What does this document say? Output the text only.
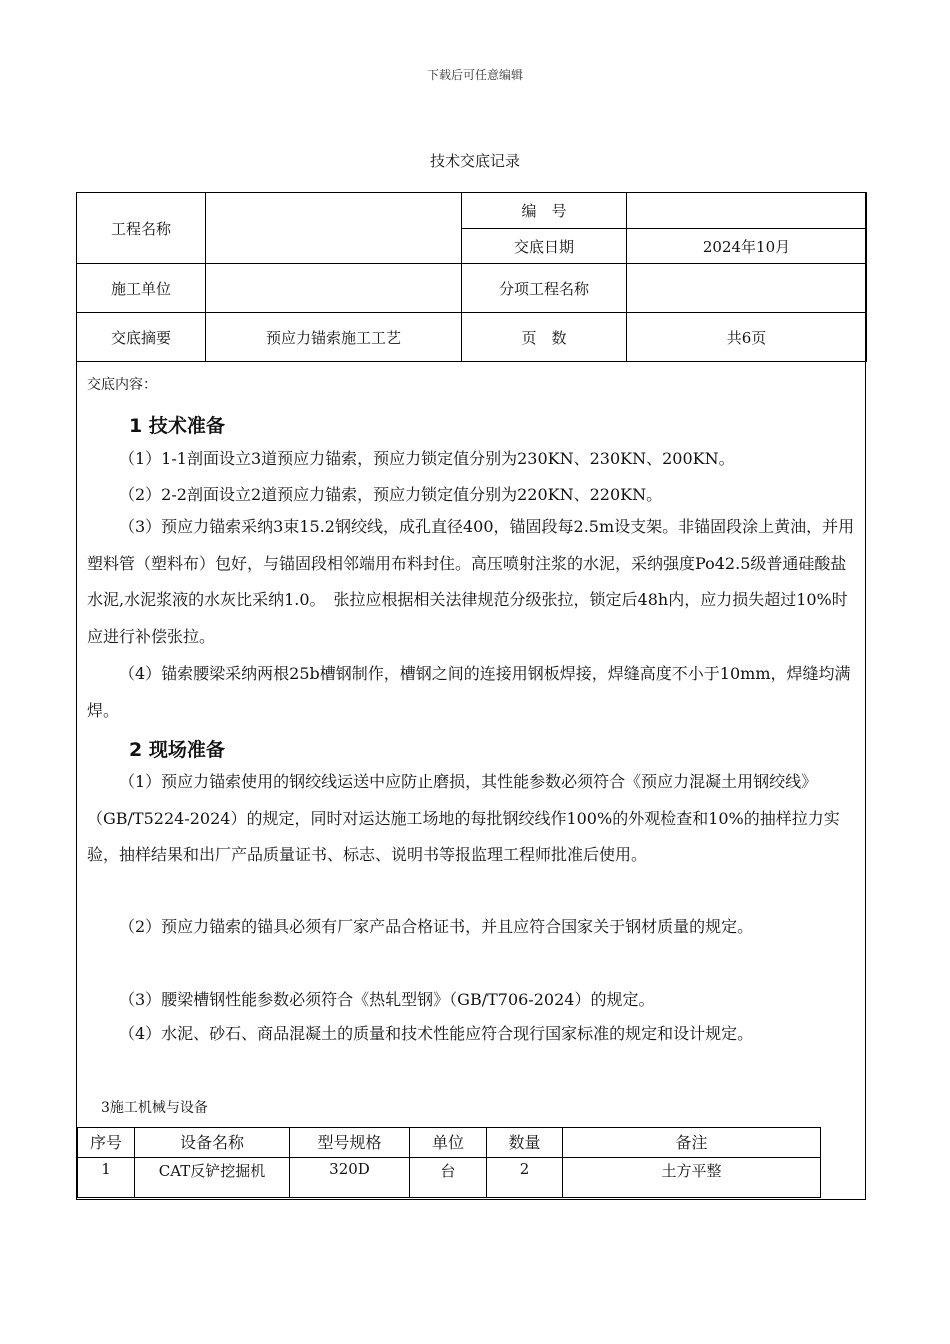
下载后可任意编辑
技术交底记录
工程名称		编　号	
		交底日期	2024年10月
施工单位		分项工程名称	
交底摘要	预应力锚索施工工艺	页　数	共6页
交底内容：
1 技术准备

（1）1-1剖面设立3道预应力锚索，预应力锁定值分别为230KN、230KN、200KN。

（2）2-2剖面设立2道预应力锚索，预应力锁定值分别为220KN、220KN。

（3）预应力锚索采纳3束15.2钢绞线，成孔直径400，锚固段每2.5m设支架。非锚固段涂上黄油，并用塑料管（塑料布）包好，与锚固段相邻端用布料封住。高压喷射注浆的水泥，采纳强度Po42.5级普通硅酸盐水泥,水泥浆液的水灰比采纳1.0。　张拉应根据相关法律规范分级张拉，锁定后48h内，应力损失超过10%时应进行补偿张拉。

（4）锚索腰梁采纳两根25b槽钢制作，槽钢之间的连接用钢板焊接，焊缝高度不小于10mm，焊缝均满焊。

2 现场准备

（1）预应力锚索使用的钢绞线运送中应防止磨损，其性能参数必须符合《预应力混凝土用钢绞线》（GB/T5224-2024）的规定，同时对运达施工场地的每批钢绞线作100%的外观检查和10%的抽样拉力实验，抽样结果和出厂产品质量证书、标志、说明书等报监理工程师批准后使用。

（2）预应力锚索的锚具必须有厂家产品合格证书，并且应符合国家关于钢材质量的规定。

（3）腰梁槽钢性能参数必须符合《热轧型钢》（GB/T706-2024）的规定。

（4）水泥、砂石、商品混凝土的质量和技术性能应符合现行国家标准的规定和设计规定。

3施工机械与设备
序号	设备名称	型号规格	单位	数量	备注
1	CAT反铲挖掘机	320D	台	2	土方平整
